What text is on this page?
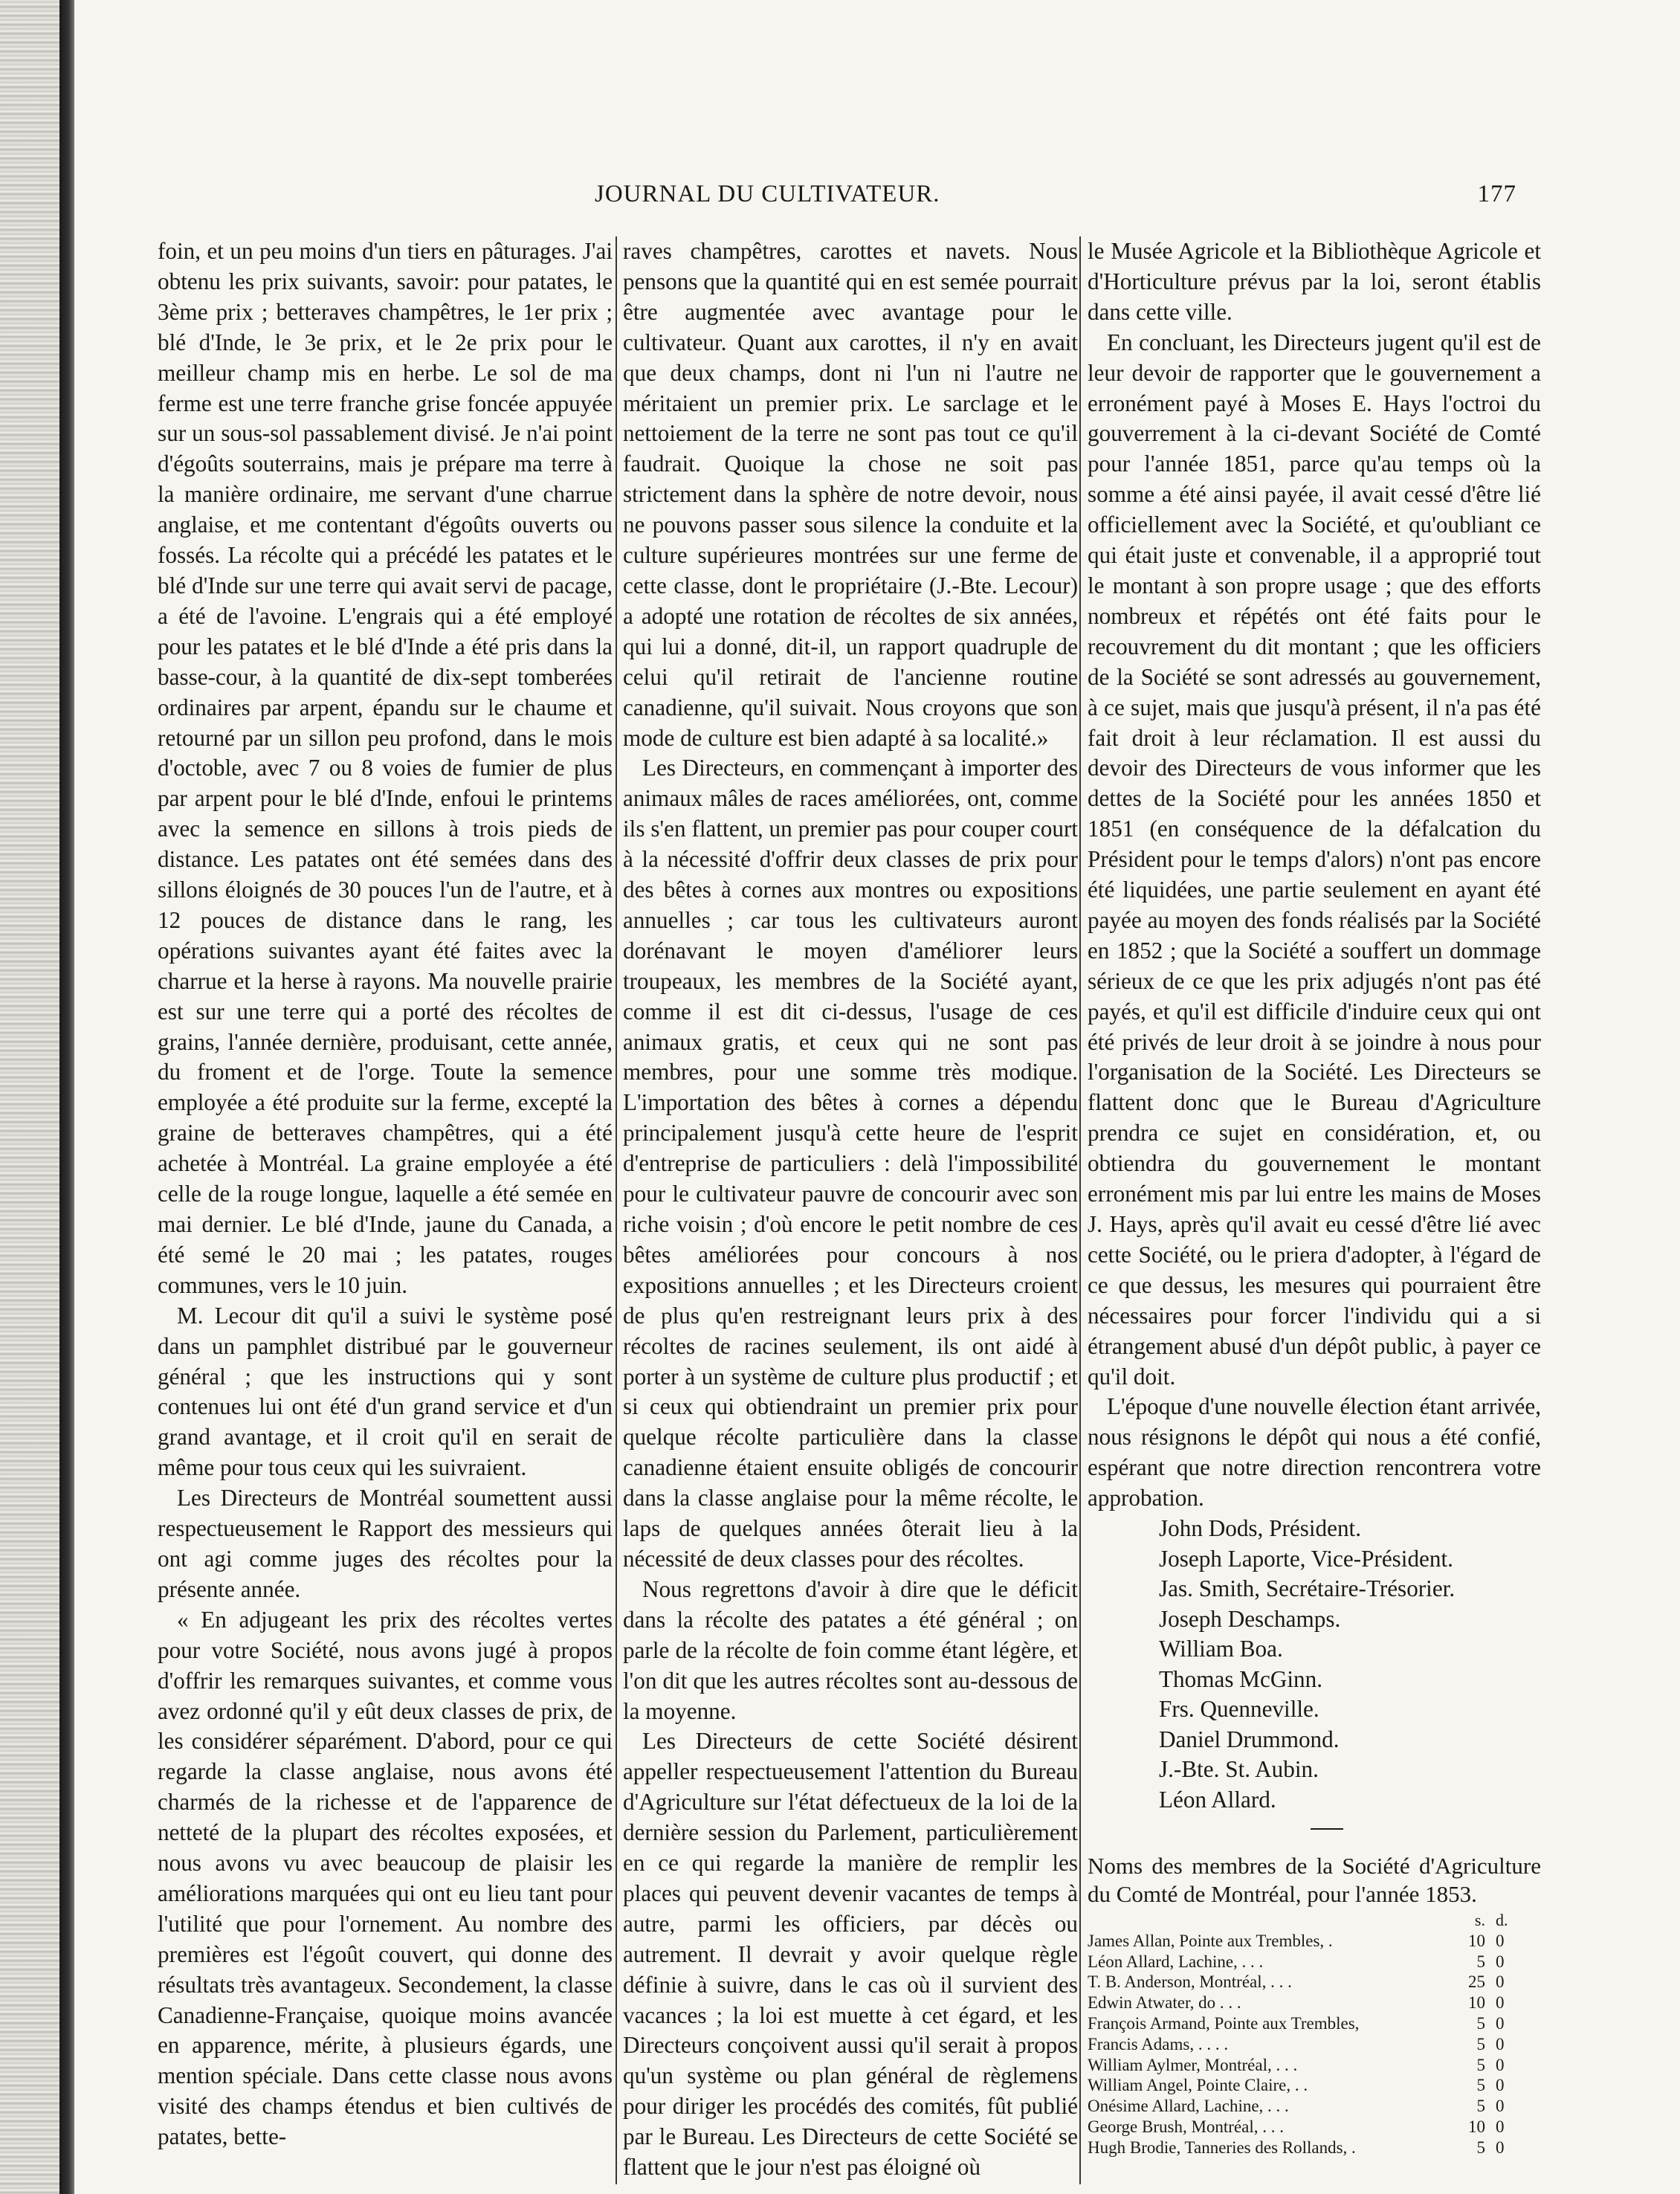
JOURNAL DU CULTIVATEUR.	177

foin, et un peu moins d'un tiers en pâturages. J'ai obtenu les prix suivants, savoir: pour patates, le 3ème prix ; betteraves champêtres, le 1er prix ; blé d'Inde, le 3e prix, et le 2e prix pour le meilleur champ mis en herbe. Le sol de ma ferme est une terre franche grise foncée appuyée sur un sous-sol passablement divisé. Je n'ai point d'égoûts souterrains, mais je prépare ma terre à la manière ordinaire, me servant d'une charrue anglaise, et me contentant d'égoûts ouverts ou fossés. La récolte qui a précédé les patates et le blé d'Inde sur une terre qui avait servi de pacage, a été de l'avoine. L'engrais qui a été employé pour les patates et le blé d'Inde a été pris dans la basse-cour, à la quantité de dix-sept tomberées ordinaires par arpent, épandu sur le chaume et retourné par un sillon peu profond, dans le mois d'octoble, avec 7 ou 8 voies de fumier de plus par arpent pour le blé d'Inde, enfoui le printems avec la semence en sillons à trois pieds de distance. Les patates ont été semées dans des sillons éloignés de 30 pouces l'un de l'autre, et à 12 pouces de distance dans le rang, les opérations suivantes ayant été faites avec la charrue et la herse à rayons. Ma nouvelle prairie est sur une terre qui a porté des récoltes de grains, l'année dernière, produisant, cette année, du froment et de l'orge. Toute la semence employée a été produite sur la ferme, excepté la graine de betteraves champêtres, qui a été achetée à Montréal. La graine employée a été celle de la rouge longue, laquelle a été semée en mai dernier. Le blé d'Inde, jaune du Canada, a été semé le 20 mai ; les patates, rouges communes, vers le 10 juin.

M. Lecour dit qu'il a suivi le système posé dans un pamphlet distribué par le gouverneur général ; que les instructions qui y sont contenues lui ont été d'un grand service et d'un grand avantage, et il croit qu'il en serait de même pour tous ceux qui les suivraient.

Les Directeurs de Montréal soumettent aussi respectueusement le Rapport des messieurs qui ont agi comme juges des récoltes pour la présente année.

« En adjugeant les prix des récoltes vertes pour votre Société, nous avons jugé à propos d'offrir les remarques suivantes, et comme vous avez ordonné qu'il y eût deux classes de prix, de les considérer séparément. D'abord, pour ce qui regarde la classe anglaise, nous avons été charmés de la richesse et de l'apparence de netteté de la plupart des récoltes exposées, et nous avons vu avec beaucoup de plaisir les améliorations marquées qui ont eu lieu tant pour l'utilité que pour l'ornement. Au nombre des premières est l'égoût couvert, qui donne des résultats très avantageux. Secondement, la classe Canadienne-Française, quoique moins avancée en apparence, mérite, à plusieurs égards, une mention spéciale. Dans cette classe nous avons visité des champs étendus et bien cultivés de patates, bette-

raves champêtres, carottes et navets. Nous pensons que la quantité qui en est semée pourrait être augmentée avec avantage pour le cultivateur. Quant aux carottes, il n'y en avait que deux champs, dont ni l'un ni l'autre ne méritaient un premier prix. Le sarclage et le nettoiement de la terre ne sont pas tout ce qu'il faudrait. Quoique la chose ne soit pas strictement dans la sphère de notre devoir, nous ne pouvons passer sous silence la conduite et la culture supérieures montrées sur une ferme de cette classe, dont le propriétaire (J.-Bte. Lecour) a adopté une rotation de récoltes de six années, qui lui a donné, dit-il, un rapport quadruple de celui qu'il retirait de l'ancienne routine canadienne, qu'il suivait. Nous croyons que son mode de culture est bien adapté à sa localité.»

Les Directeurs, en commençant à importer des animaux mâles de races améliorées, ont, comme ils s'en flattent, un premier pas pour couper court à la nécessité d'offrir deux classes de prix pour des bêtes à cornes aux montres ou expositions annuelles ; car tous les cultivateurs auront dorénavant le moyen d'améliorer leurs troupeaux, les membres de la Société ayant, comme il est dit ci-dessus, l'usage de ces animaux gratis, et ceux qui ne sont pas membres, pour une somme très modique. L'importation des bêtes à cornes a dépendu principalement jusqu'à cette heure de l'esprit d'entreprise de particuliers : delà l'impossibilité pour le cultivateur pauvre de concourir avec son riche voisin ; d'où encore le petit nombre de ces bêtes améliorées pour concours à nos expositions annuelles ; et les Directeurs croient de plus qu'en restreignant leurs prix à des récoltes de racines seulement, ils ont aidé à porter à un système de culture plus productif ; et si ceux qui obtiendraint un premier prix pour quelque récolte particulière dans la classe canadienne étaient ensuite obligés de concourir dans la classe anglaise pour la même récolte, le laps de quelques années ôterait lieu à la nécessité de deux classes pour des récoltes.

Nous regrettons d'avoir à dire que le déficit dans la récolte des patates a été général ; on parle de la récolte de foin comme étant légère, et l'on dit que les autres récoltes sont au-dessous de la moyenne.

Les Directeurs de cette Société désirent appeller respectueusement l'attention du Bureau d'Agriculture sur l'état défectueux de la loi de la dernière session du Parlement, particulièrement en ce qui regarde la manière de remplir les places qui peuvent devenir vacantes de temps à autre, parmi les officiers, par décès ou autrement. Il devrait y avoir quelque règle définie à suivre, dans le cas où il survient des vacances ; la loi est muette à cet égard, et les Directeurs conçoivent aussi qu'il serait à propos qu'un système ou plan général de règlemens pour diriger les procédés des comités, fût publié par le Bureau. Les Directeurs de cette Société se flattent que le jour n'est pas éloigné où

le Musée Agricole et la Bibliothèque Agricole et d'Horticulture prévus par la loi, seront établis dans cette ville.

En concluant, les Directeurs jugent qu'il est de leur devoir de rapporter que le gouvernement a erronément payé à Moses E. Hays l'octroi du gouverrement à la ci-devant Société de Comté pour l'année 1851, parce qu'au temps où la somme a été ainsi payée, il avait cessé d'être lié officiellement avec la Société, et qu'oubliant ce qui était juste et convenable, il a approprié tout le montant à son propre usage ; que des efforts nombreux et répétés ont été faits pour le recouvrement du dit montant ; que les officiers de la Société se sont adressés au gouvernement, à ce sujet, mais que jusqu'à présent, il n'a pas été fait droit à leur réclamation. Il est aussi du devoir des Directeurs de vous informer que les dettes de la Société pour les années 1850 et 1851 (en conséquence de la défalcation du Président pour le temps d'alors) n'ont pas encore été liquidées, une partie seulement en ayant été payée au moyen des fonds réalisés par la Société en 1852 ; que la Société a souffert un dommage sérieux de ce que les prix adjugés n'ont pas été payés, et qu'il est difficile d'induire ceux qui ont été privés de leur droit à se joindre à nous pour l'organisation de la Société. Les Directeurs se flattent donc que le Bureau d'Agriculture prendra ce sujet en considération, et, ou obtiendra du gouvernement le montant erronément mis par lui entre les mains de Moses J. Hays, après qu'il avait eu cessé d'être lié avec cette Société, ou le priera d'adopter, à l'égard de ce que dessus, les mesures qui pourraient être nécessaires pour forcer l'individu qui a si étrangement abusé d'un dépôt public, à payer ce qu'il doit.

L'époque d'une nouvelle élection étant arrivée, nous résignons le dépôt qui nous a été confié, espérant que notre direction rencontrera votre approbation.

John Dods, Président.

Joseph Laporte, Vice-Président.

Jas. Smith, Secrétaire-Trésorier.

Joseph Deschamps.

William Boa.

Thomas McGinn.

Frs. Quenneville.

Daniel Drummond.

J.-Bte. St. Aubin.

Léon Allard.

Noms des membres de la Société d'Agriculture du Comté de Montréal, pour l'année 1853.

	s.	d.
James Allan, Pointe aux Trembles, .	10	0
Léon Allard, Lachine, . . .	5	0
T. B. Anderson, Montréal, . . .	25	0
Edwin Atwater, do . . .	10	0
François Armand, Pointe aux Trembles,	5	0
Francis Adams, . . . .	5	0
William Aylmer, Montréal, . . .	5	0
William Angel, Pointe Claire, . .	5	0
Onésime Allard, Lachine, . . .	5	0
George Brush, Montréal, . . .	10	0
Hugh Brodie, Tanneries des Rollands, .	5	0
